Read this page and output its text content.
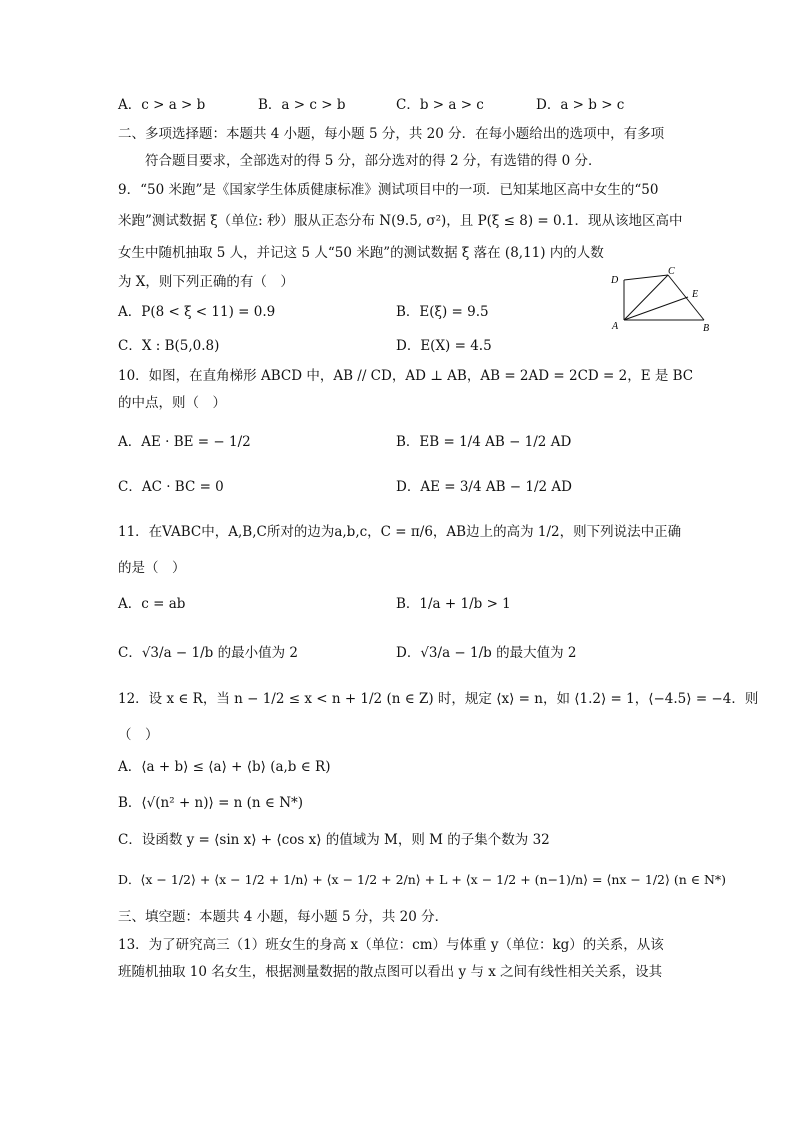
A．c > a > b	B．a > c > b	C．b > a > c	D．a > b > c
二、多项选择题：本题共 4 小题，每小题 5 分，共 20 分．在每小题给出的选项中，有多项
符合题目要求，全部选对的得 5 分，部分选对的得 2 分，有选错的得 0 分．
9．“50 米跑”是《国家学生体质健康标准》测试项目中的一项．已知某地区高中女生的“50
米跑”测试数据 ξ（单位: 秒）服从正态分布 N(9.5, σ²)，且 P(ξ ≤ 8) = 0.1．现从该地区高中
女生中随机抽取 5 人，并记这 5 人“50 米跑”的测试数据 ξ 落在 (8,11) 内的人数
为 X，则下列正确的有（　）
A．P(8 < ξ < 11) = 0.9	B．E(ξ) = 9.5
C．X : B(5,0.8)	D．E(X) = 4.5
D
C
E
A	B
10．如图，在直角梯形 ABCD 中，AB // CD，AD ⊥ AB，AB = 2AD = 2CD = 2，E 是 BC
的中点，则（　）
A．AE · BE = − 1/2	B．EB = 1/4 AB − 1/2 AD
C．AC · BC = 0	D．AE = 3/4 AB − 1/2 AD
11．在VABC中，A,B,C所对的边为a,b,c，C = π/6，AB边上的高为 1/2，则下列说法中正确
的是（　）
A．c = ab	B．1/a + 1/b > 1
C．√3/a − 1/b 的最小值为 2	D．√3/a − 1/b 的最大值为 2
12．设 x ∈ R，当 n − 1/2 ≤ x < n + 1/2 (n ∈ Z) 时，规定 ⟨x⟩ = n，如 ⟨1.2⟩ = 1，⟨−4.5⟩ = −4．则
（　）
A．⟨a + b⟩ ≤ ⟨a⟩ + ⟨b⟩ (a,b ∈ R)
B．⟨√(n² + n)⟩ = n (n ∈ N*)
C．设函数 y = ⟨sin x⟩ + ⟨cos x⟩ 的值域为 M，则 M 的子集个数为 32
D．⟨x − 1/2⟩ + ⟨x − 1/2 + 1/n⟩ + ⟨x − 1/2 + 2/n⟩ + L + ⟨x − 1/2 + (n−1)/n⟩ = ⟨nx − 1/2⟩ (n ∈ N*)
三、填空题：本题共 4 小题，每小题 5 分，共 20 分．
13．为了研究高三（1）班女生的身高 x（单位：cm）与体重 y（单位：kg）的关系，从该
班随机抽取 10 名女生，根据测量数据的散点图可以看出 y 与 x 之间有线性相关关系，设其
